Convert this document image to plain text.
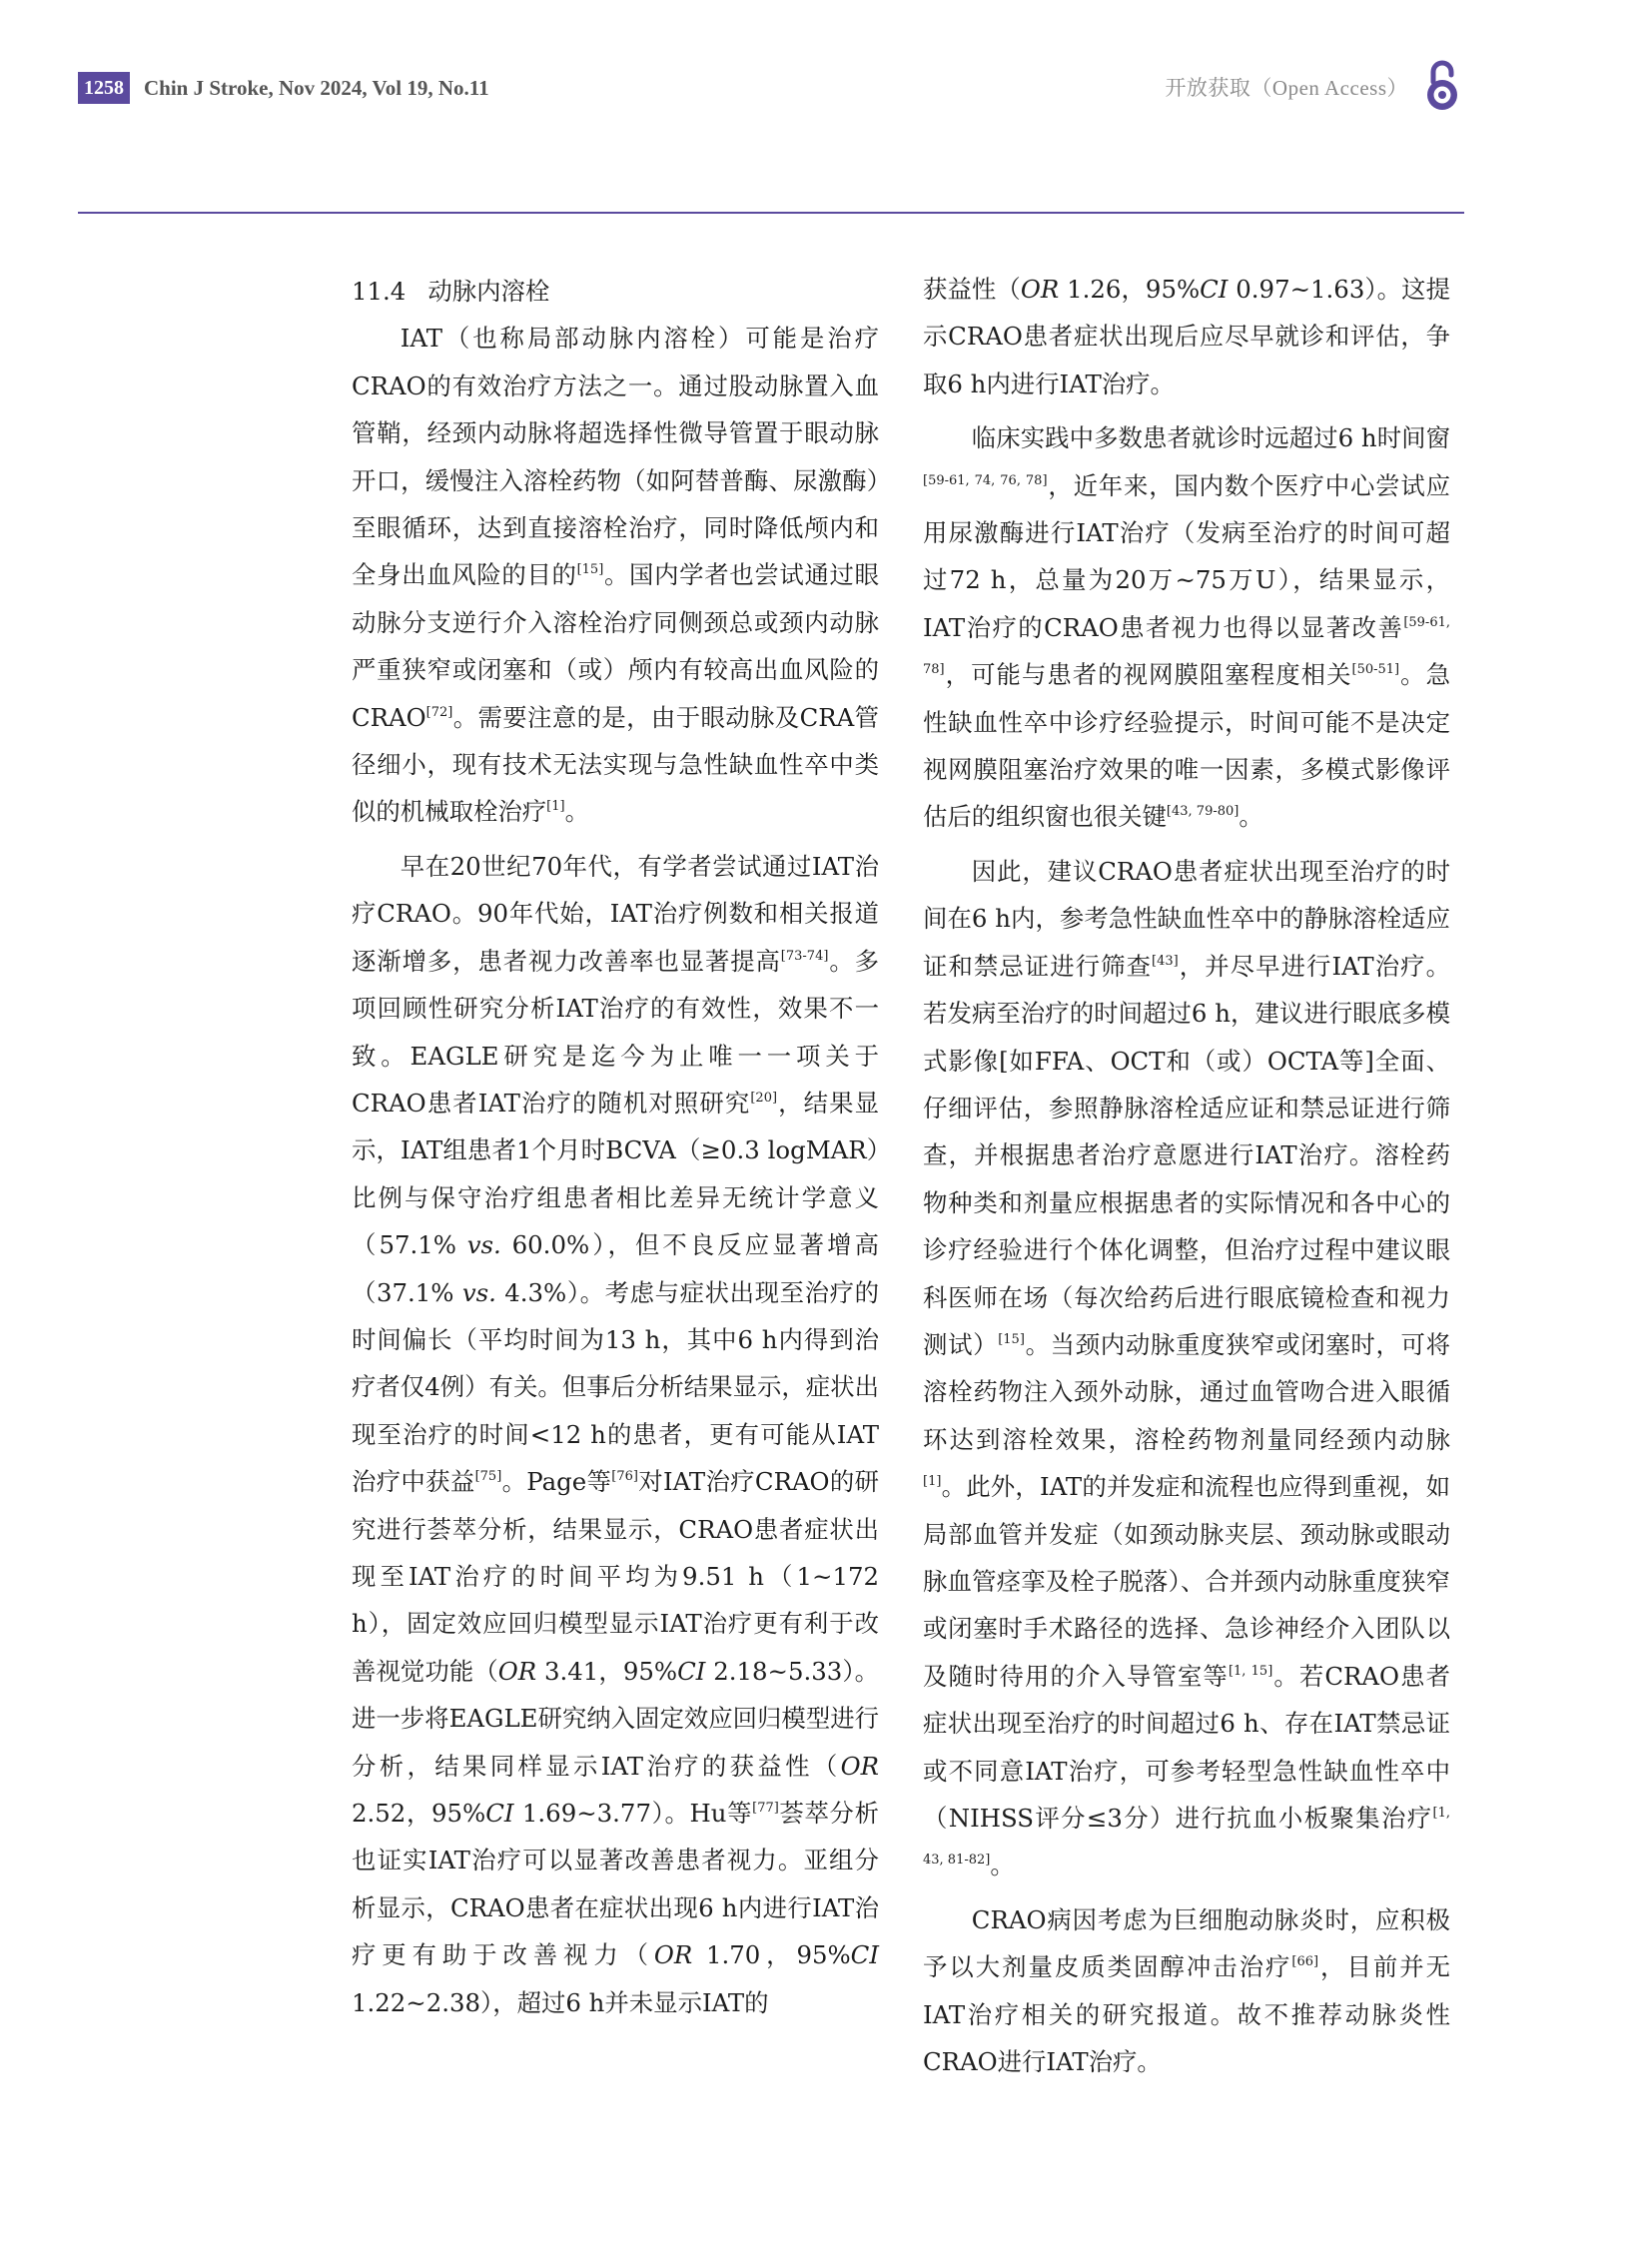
1258 Chin J Stroke, Nov 2024, Vol 19, No.11	开放获取（Open Access）
11.4 动脉内溶栓

IAT（也称局部动脉内溶栓）可能是治疗CRAO的有效治疗方法之一。通过股动脉置入血管鞘，经颈内动脉将超选择性微导管置于眼动脉开口，缓慢注入溶栓药物（如阿替普酶、尿激酶）至眼循环，达到直接溶栓治疗，同时降低颅内和全身出血风险的目的[15]。国内学者也尝试通过眼动脉分支逆行介入溶栓治疗同侧颈总或颈内动脉严重狭窄或闭塞和（或）颅内有较高出血风险的CRAO[72]。需要注意的是，由于眼动脉及CRA管径细小，现有技术无法实现与急性缺血性卒中类似的机械取栓治疗[1]。

早在20世纪70年代，有学者尝试通过IAT治疗CRAO。90年代始，IAT治疗例数和相关报道逐渐增多，患者视力改善率也显著提高[73-74]。多项回顾性研究分析IAT治疗的有效性，效果不一致。EAGLE研究是迄今为止唯一一项关于CRAO患者IAT治疗的随机对照研究[20]，结果显示，IAT组患者1个月时BCVA（≥0.3 logMAR）比例与保守治疗组患者相比差异无统计学意义（57.1% vs. 60.0%），但不良反应显著增高（37.1% vs. 4.3%）。考虑与症状出现至治疗的时间偏长（平均时间为13 h，其中6 h内得到治疗者仅4例）有关。但事后分析结果显示，症状出现至治疗的时间<12 h的患者，更有可能从IAT治疗中获益[75]。Page等[76]对IAT治疗CRAO的研究进行荟萃分析，结果显示，CRAO患者症状出现至IAT治疗的时间平均为9.51 h（1~172 h），固定效应回归模型显示IAT治疗更有利于改善视觉功能（OR 3.41，95%CI 2.18~5.33）。进一步将EAGLE研究纳入固定效应回归模型进行分析，结果同样显示IAT治疗的获益性（OR 2.52，95%CI 1.69~3.77）。Hu等[77]荟萃分析也证实IAT治疗可以显著改善患者视力。亚组分析显示，CRAO患者在症状出现6 h内进行IAT治疗更有助于改善视力（OR 1.70，95%CI 1.22~2.38），超过6 h并未显示IAT的

获益性（OR 1.26，95%CI 0.97~1.63）。这提示CRAO患者症状出现后应尽早就诊和评估，争取6 h内进行IAT治疗。

临床实践中多数患者就诊时远超过6 h时间窗[59-61, 74, 76, 78]，近年来，国内数个医疗中心尝试应用尿激酶进行IAT治疗（发病至治疗的时间可超过72 h，总量为20万~75万U），结果显示，IAT治疗的CRAO患者视力也得以显著改善[59-61, 78]，可能与患者的视网膜阻塞程度相关[50-51]。急性缺血性卒中诊疗经验提示，时间可能不是决定视网膜阻塞治疗效果的唯一因素，多模式影像评估后的组织窗也很关键[43, 79-80]。

因此，建议CRAO患者症状出现至治疗的时间在6 h内，参考急性缺血性卒中的静脉溶栓适应证和禁忌证进行筛查[43]，并尽早进行IAT治疗。若发病至治疗的时间超过6 h，建议进行眼底多模式影像[如FFA、OCT和（或）OCTA等]全面、仔细评估，参照静脉溶栓适应证和禁忌证进行筛查，并根据患者治疗意愿进行IAT治疗。溶栓药物种类和剂量应根据患者的实际情况和各中心的诊疗经验进行个体化调整，但治疗过程中建议眼科医师在场（每次给药后进行眼底镜检查和视力测试）[15]。当颈内动脉重度狭窄或闭塞时，可将溶栓药物注入颈外动脉，通过血管吻合进入眼循环达到溶栓效果，溶栓药物剂量同经颈内动脉[1]。此外，IAT的并发症和流程也应得到重视，如局部血管并发症（如颈动脉夹层、颈动脉或眼动脉血管痉挛及栓子脱落）、合并颈内动脉重度狭窄或闭塞时手术路径的选择、急诊神经介入团队以及随时待用的介入导管室等[1, 15]。若CRAO患者症状出现至治疗的时间超过6 h、存在IAT禁忌证或不同意IAT治疗，可参考轻型急性缺血性卒中（NIHSS评分≤3分）进行抗血小板聚集治疗[1, 43, 81-82]。

CRAO病因考虑为巨细胞动脉炎时，应积极予以大剂量皮质类固醇冲击治疗[66]，目前并无IAT治疗相关的研究报道。故不推荐动脉炎性CRAO进行IAT治疗。
